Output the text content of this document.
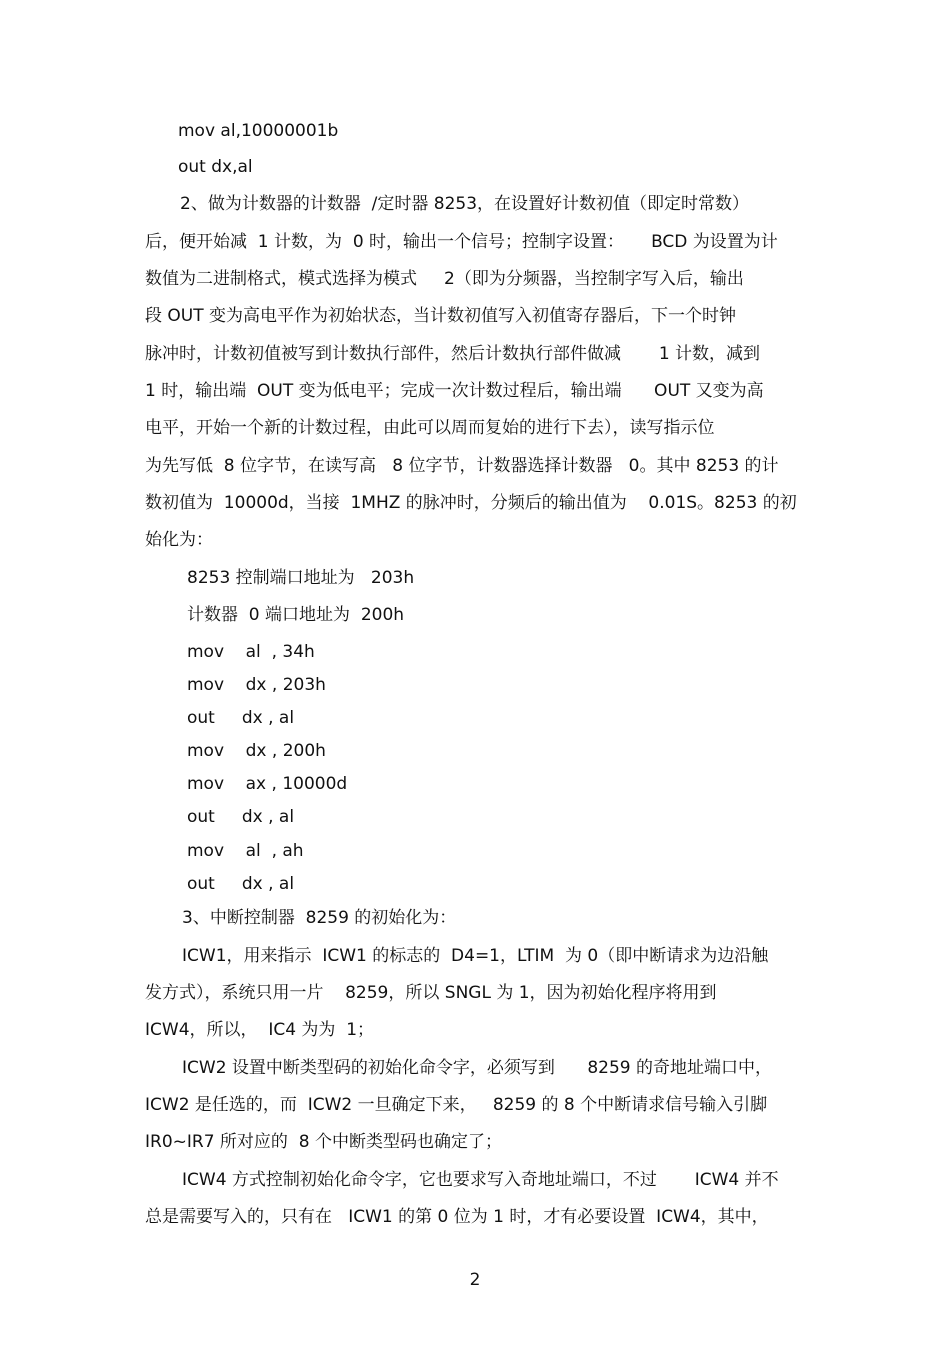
mov al,10000001b

out dx,al

2、做为计数器的计数器  /定时器 8253，在设置好计数初值（即定时常数）

后，便开始减  1 计数，为  0 时，输出一个信号；控制字设置：     BCD 为设置为计

数值为二进制格式，模式选择为模式     2（即为分频器，当控制字写入后，输出

段 OUT 变为高电平作为初始状态，当计数初值写入初值寄存器后，下一个时钟

脉冲时，计数初值被写到计数执行部件，然后计数执行部件做减       1 计数，减到

1 时，输出端  OUT 变为低电平；完成一次计数过程后，输出端      OUT 又变为高

电平，开始一个新的计数过程，由此可以周而复始的进行下去），读写指示位

为先写低  8 位字节，在读写高   8 位字节，计数器选择计数器   0。其中 8253 的计

数初值为  10000d，当接  1MHZ 的脉冲时，分频后的输出值为    0.01S。8253 的初

始化为：

8253 控制端口地址为   203h

计数器  0 端口地址为  200h

mov    al  , 34h

mov    dx , 203h

out     dx , al

mov    dx , 200h

mov    ax , 10000d

out     dx , al

mov    al  , ah

out     dx , al

3、中断控制器  8259 的初始化为：

ICW1，用来指示  ICW1 的标志的  D4=1，LTIM  为 0（即中断请求为边沿触

发方式），系统只用一片    8259，所以 SNGL 为 1，因为初始化程序将用到

ICW4，所以，  IC4 为为  1；

ICW2 设置中断类型码的初始化命令字，必须写到      8259 的奇地址端口中，

ICW2 是任选的，而  ICW2 一旦确定下来，   8259 的 8 个中断请求信号输入引脚

IR0~IR7 所对应的  8 个中断类型码也确定了；

ICW4 方式控制初始化命令字，它也要求写入奇地址端口，不过       ICW4 并不

总是需要写入的，只有在   ICW1 的第 0 位为 1 时，才有必要设置  ICW4，其中，

2
